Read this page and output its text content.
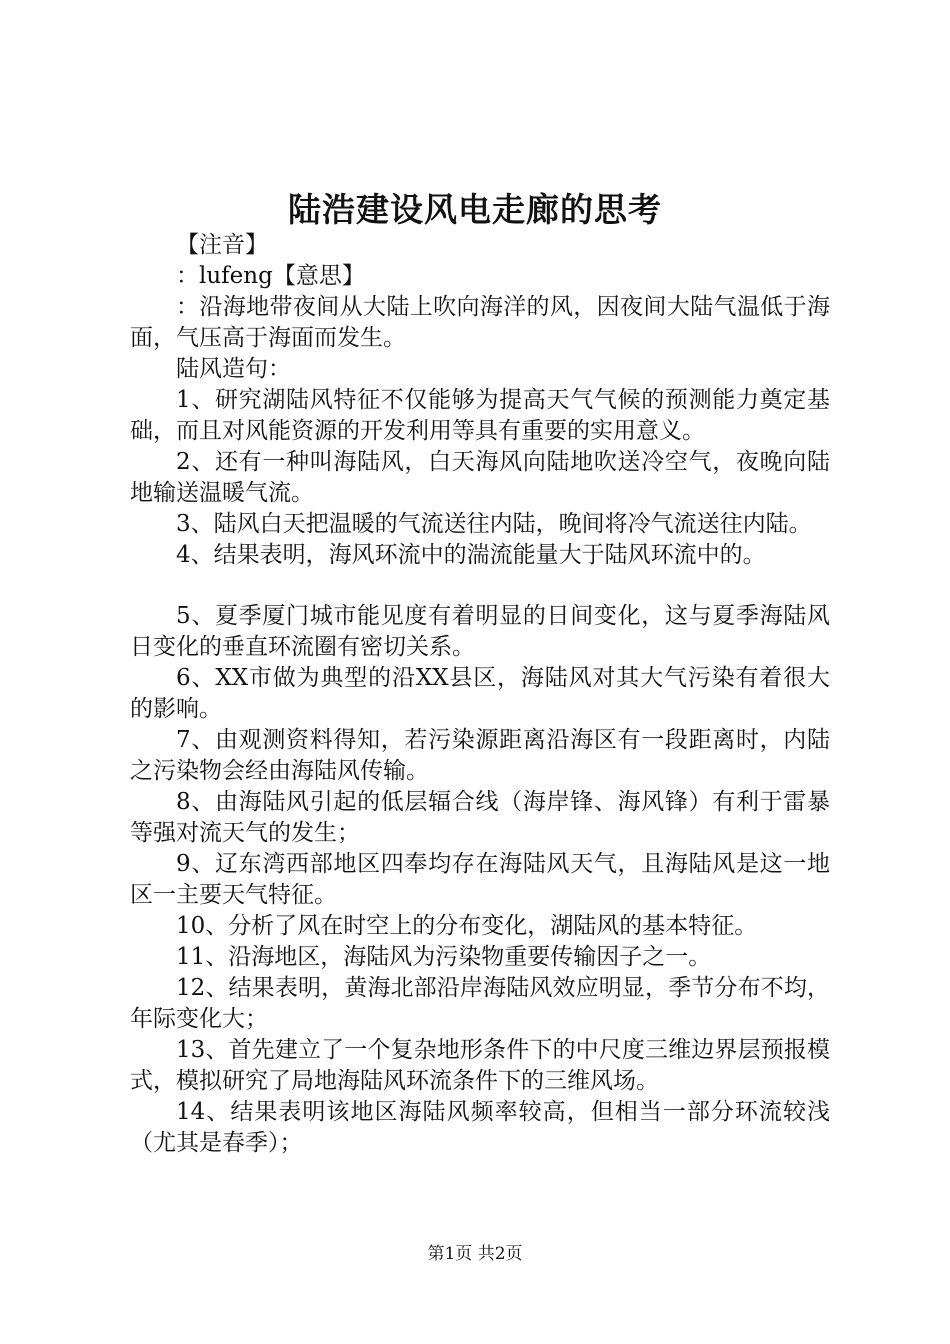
陆浩建设风电走廊的思考

【注音】

：lufeng【意思】

：沿海地带夜间从大陆上吹向海洋的风，因夜间大陆气温低于海面，气压高于海面而发生。

陆风造句：

1、研究湖陆风特征不仅能够为提高天气气候的预测能力奠定基础，而且对风能资源的开发利用等具有重要的实用意义。

2、还有一种叫海陆风，白天海风向陆地吹送冷空气，夜晚向陆地输送温暖气流。

3、陆风白天把温暖的气流送往内陆，晚间将冷气流送往内陆。

4、结果表明，海风环流中的湍流能量大于陆风环流中的。

5、夏季厦门城市能见度有着明显的日间变化，这与夏季海陆风日变化的垂直环流圈有密切关系。

6、XX市做为典型的沿XX县区，海陆风对其大气污染有着很大的影响。

7、由观测资料得知，若污染源距离沿海区有一段距离时，内陆之污染物会经由海陆风传输。

8、由海陆风引起的低层辐合线（海岸锋、海风锋）有利于雷暴等强对流天气的发生；

9、辽东湾西部地区四奉均存在海陆风天气，且海陆风是这一地区一主要天气特征。

10、分析了风在时空上的分布变化，湖陆风的基本特征。

11、沿海地区，海陆风为污染物重要传输因子之一。

12、结果表明，黄海北部沿岸海陆风效应明显，季节分布不均，年际变化大；

13、首先建立了一个复杂地形条件下的中尺度三维边界层预报模式，模拟研究了局地海陆风环流条件下的三维风场。

14、结果表明该地区海陆风频率较高，但相当一部分环流较浅（尤其是春季）；

第1页 共2页
